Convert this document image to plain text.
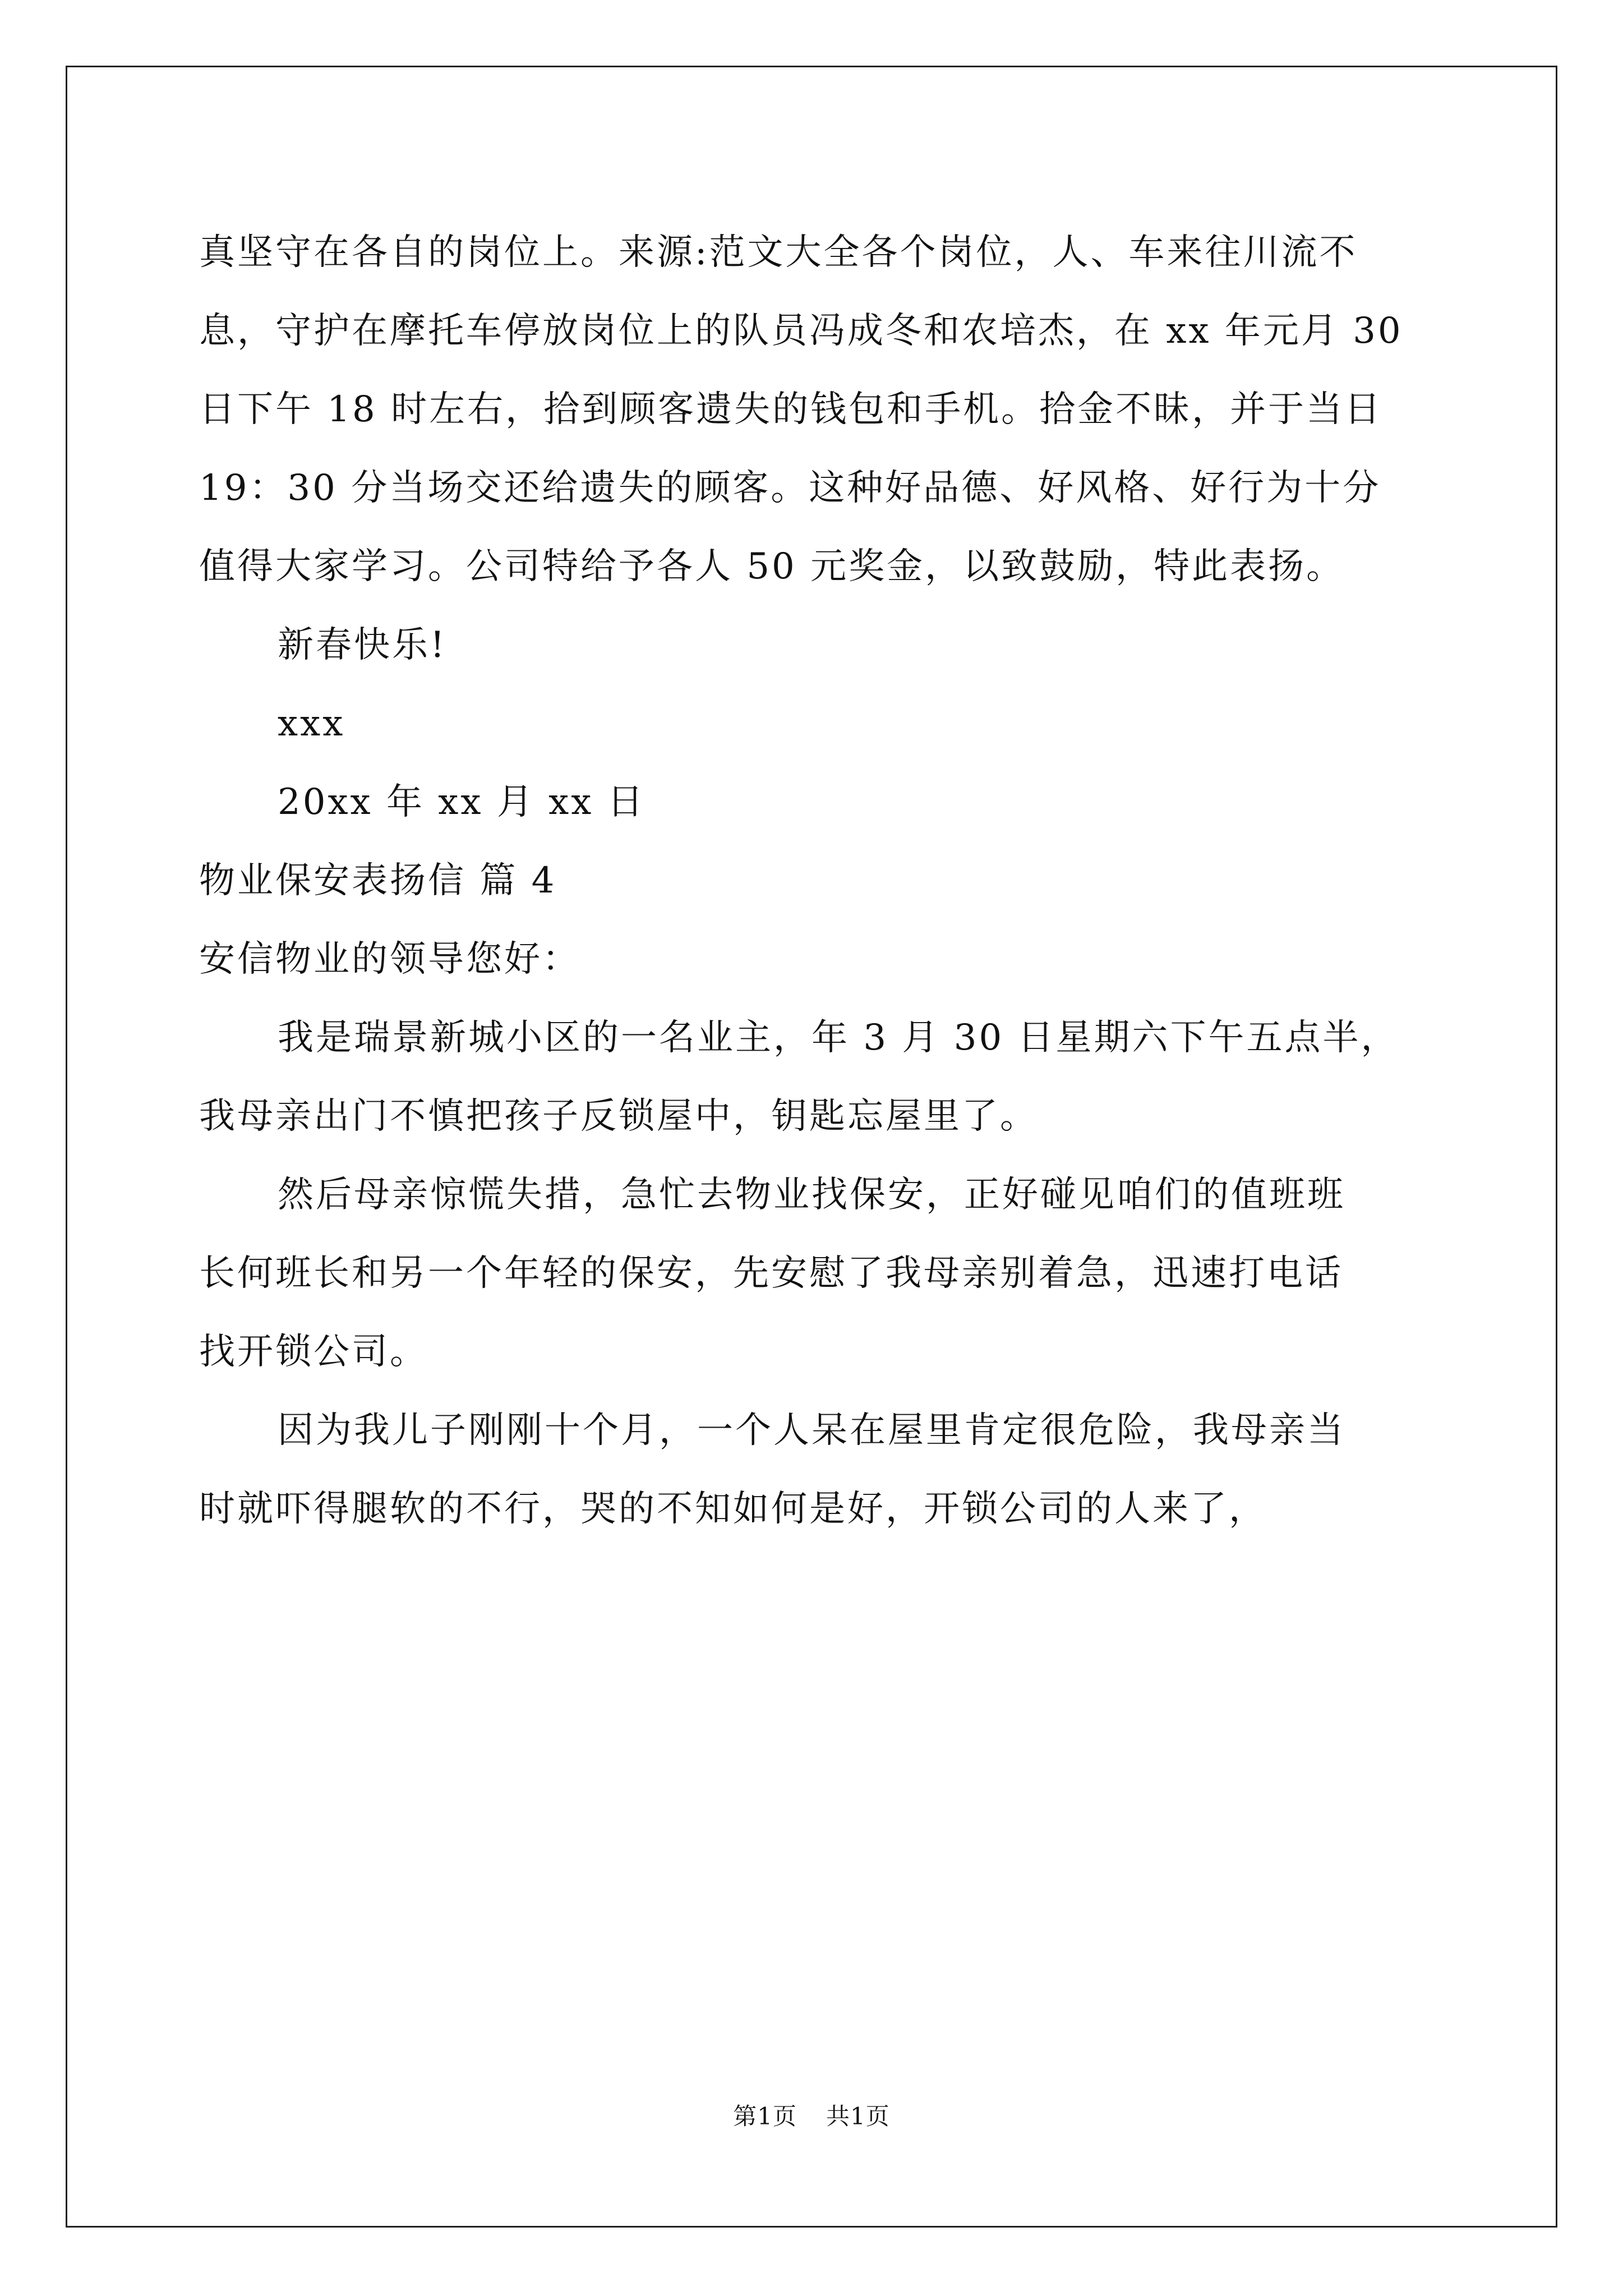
真坚守在各自的岗位上。来源:范文大全各个岗位，人、车来往川流不
息，守护在摩托车停放岗位上的队员冯成冬和农培杰，在 xx 年元月 30
日下午 18 时左右，拾到顾客遗失的钱包和手机。拾金不昧，并于当日
19：30 分当场交还给遗失的顾客。这种好品德、好风格、好行为十分
值得大家学习。公司特给予各人 50 元奖金，以致鼓励，特此表扬。
新春快乐!
xxx
20xx 年 xx 月 xx 日
物业保安表扬信 篇 4
安信物业的领导您好：
我是瑞景新城小区的一名业主，年 3 月 30 日星期六下午五点半，
我母亲出门不慎把孩子反锁屋中，钥匙忘屋里了。
然后母亲惊慌失措，急忙去物业找保安，正好碰见咱们的值班班
长何班长和另一个年轻的保安，先安慰了我母亲别着急，迅速打电话
找开锁公司。
因为我儿子刚刚十个月，一个人呆在屋里肯定很危险，我母亲当
时就吓得腿软的不行，哭的不知如何是好，开锁公司的人来了，
第1页 共1页
